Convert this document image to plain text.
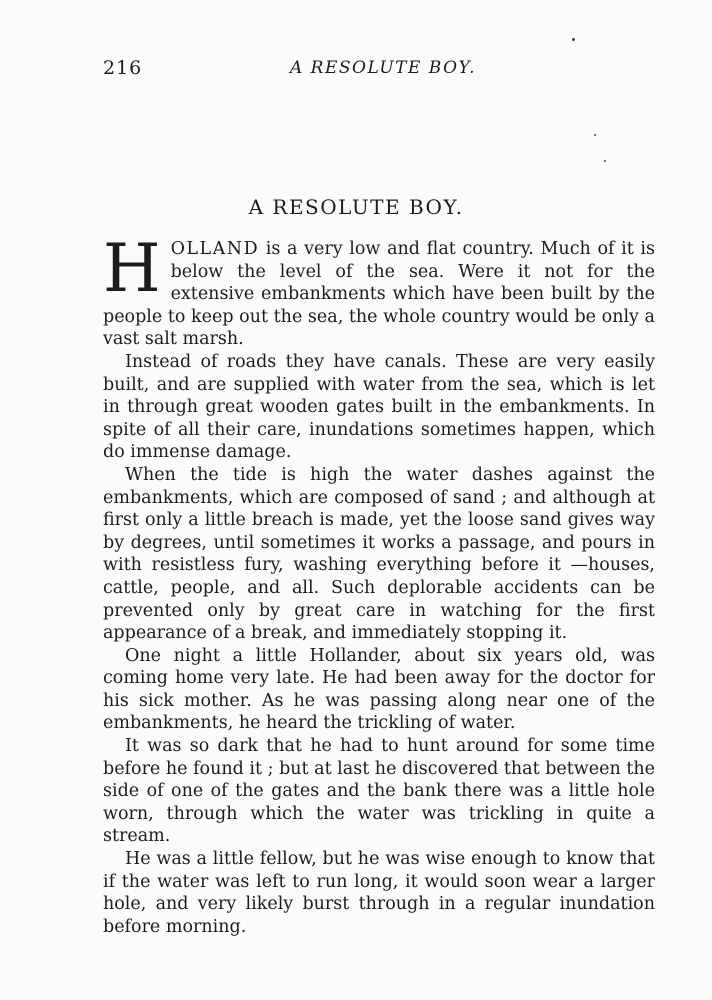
216	A RESOLUTE BOY.
A RESOLUTE BOY.

HOLLAND is a very low and flat country. Much of it is below the level of the sea. Were it not for the extensive embankments which have been built by the people to keep out the sea, the whole country would be only a vast salt marsh.

Instead of roads they have canals. These are very easily built, and are supplied with water from the sea, which is let in through great wooden gates built in the embankments. In spite of all their care, inundations sometimes happen, which do immense damage.

When the tide is high the water dashes against the embankments, which are composed of sand ; and although at first only a little breach is made, yet the loose sand gives way by degrees, until sometimes it works a passage, and pours in with resistless fury, washing everything before it —houses, cattle, people, and all. Such deplorable accidents can be prevented only by great care in watching for the first appearance of a break, and immediately stopping it.

One night a little Hollander, about six years old, was coming home very late. He had been away for the doctor for his sick mother. As he was passing along near one of the embankments, he heard the trickling of water.

It was so dark that he had to hunt around for some time before he found it ; but at last he discovered that between the side of one of the gates and the bank there was a little hole worn, through which the water was trickling in quite a stream.

He was a little fellow, but he was wise enough to know that if the water was left to run long, it would soon wear a larger hole, and very likely burst through in a regular inundation before morning.
